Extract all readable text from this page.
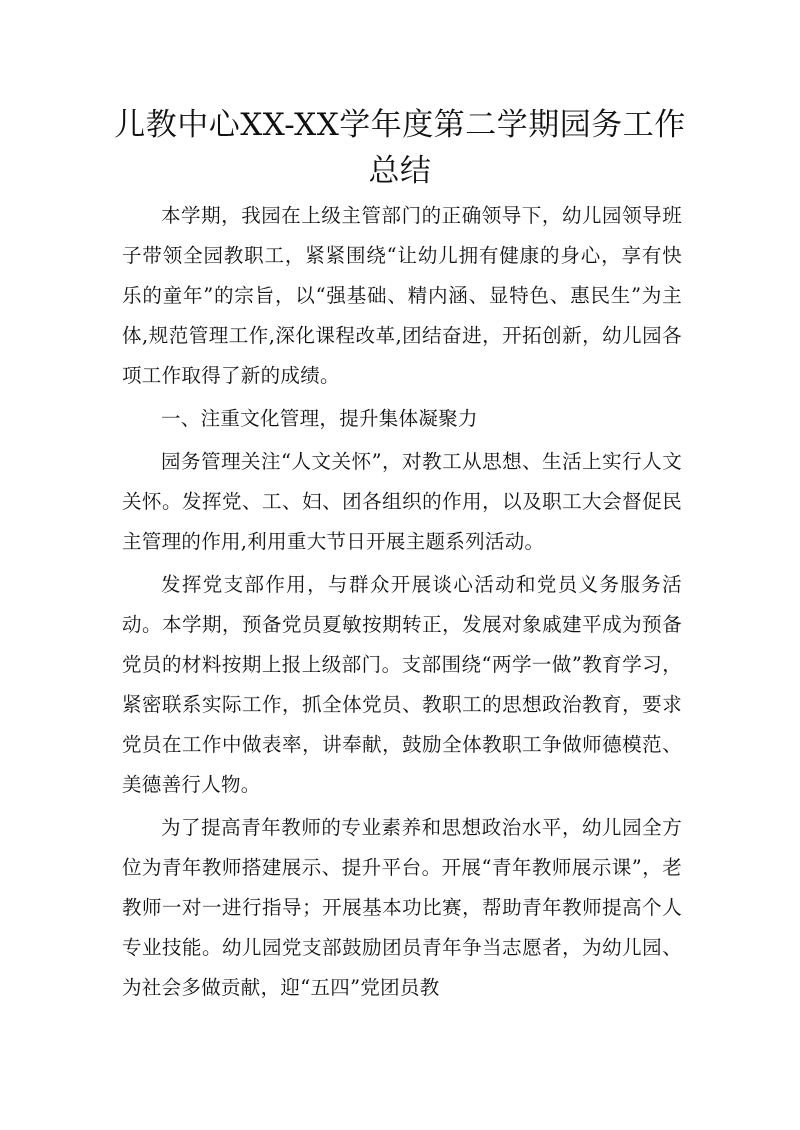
儿教中心XX-XX学年度第二学期园务工作总结

本学期，我园在上级主管部门的正确领导下，幼儿园领导班子带领全园教职工，紧紧围绕“让幼儿拥有健康的身心，享有快乐的童年”的宗旨，以“强基础、精内涵、显特色、惠民生”为主体,规范管理工作,深化课程改革,团结奋进，开拓创新，幼儿园各项工作取得了新的成绩。

一、注重文化管理，提升集体凝聚力

园务管理关注“人文关怀”，对教工从思想、生活上实行人文关怀。发挥党、工、妇、团各组织的作用，以及职工大会督促民主管理的作用,利用重大节日开展主题系列活动。

发挥党支部作用，与群众开展谈心活动和党员义务服务活动。本学期，预备党员夏敏按期转正，发展对象戚建平成为预备党员的材料按期上报上级部门。支部围绕“两学一做”教育学习，紧密联系实际工作，抓全体党员、教职工的思想政治教育，要求党员在工作中做表率，讲奉献，鼓励全体教职工争做师德模范、美德善行人物。

为了提高青年教师的专业素养和思想政治水平，幼儿园全方位为青年教师搭建展示、提升平台。开展“青年教师展示课”，老教师一对一进行指导；开展基本功比赛，帮助青年教师提高个人专业技能。幼儿园党支部鼓励团员青年争当志愿者，为幼儿园、为社会多做贡献，迎“五四”党团员教
